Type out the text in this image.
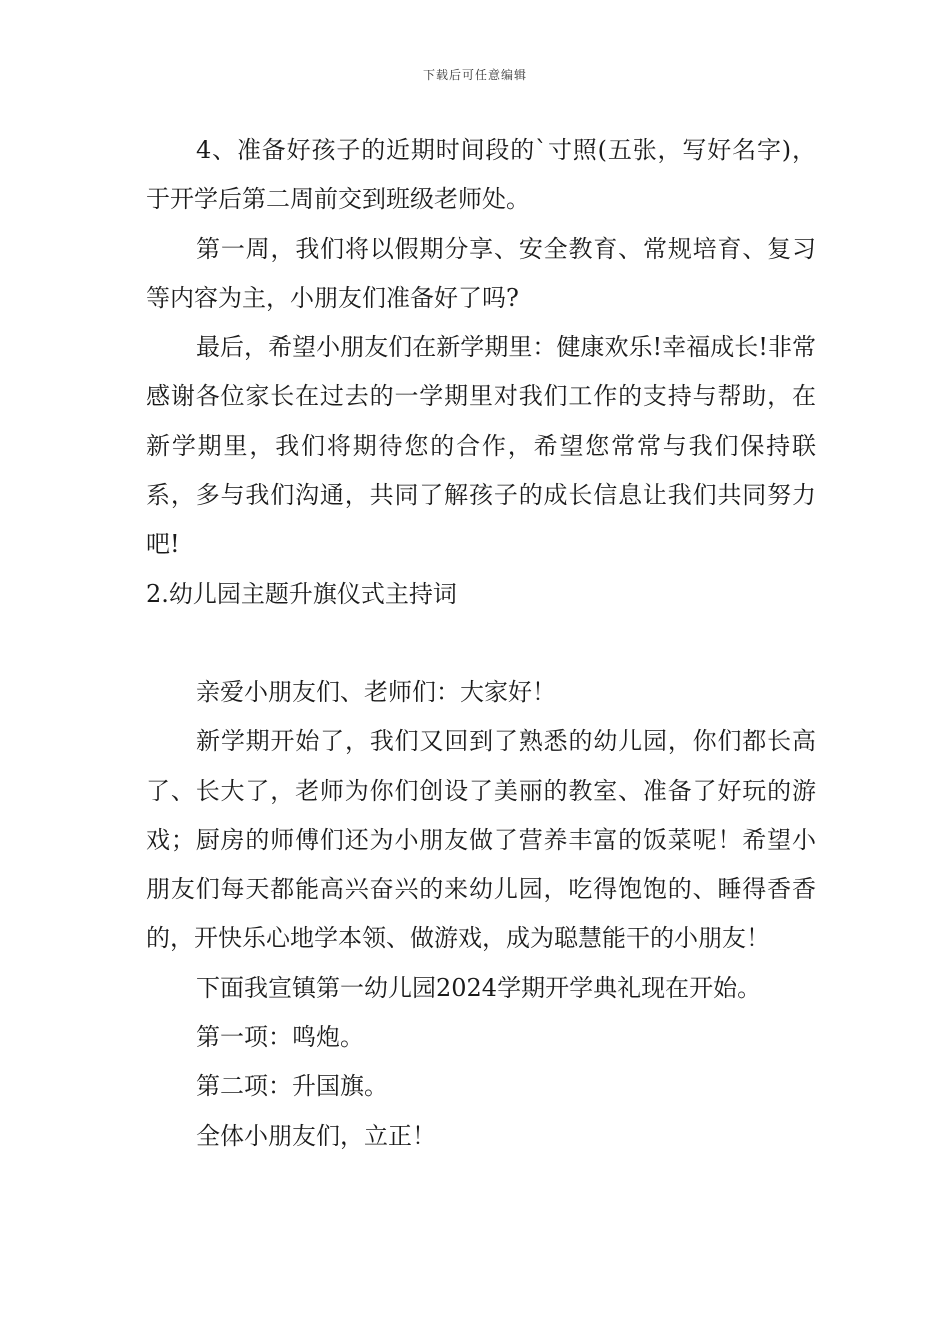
下载后可任意编辑

4、准备好孩子的近期时间段的`寸照(五张，写好名字)，于开学后第二周前交到班级老师处。

第一周，我们将以假期分享、安全教育、常规培育、复习等内容为主，小朋友们准备好了吗?

最后，希望小朋友们在新学期里：健康欢乐!幸福成长!非常感谢各位家长在过去的一学期里对我们工作的支持与帮助，在新学期里，我们将期待您的合作，希望您常常与我们保持联系，多与我们沟通，共同了解孩子的成长信息让我们共同努力吧!

2.幼儿园主题升旗仪式主持词

亲爱小朋友们、老师们：大家好！

新学期开始了，我们又回到了熟悉的幼儿园，你们都长高了、长大了，老师为你们创设了美丽的教室、准备了好玩的游戏；厨房的师傅们还为小朋友做了营养丰富的饭菜呢！希望小朋友们每天都能高兴奋兴的来幼儿园，吃得饱饱的、睡得香香的，开快乐心地学本领、做游戏，成为聪慧能干的小朋友！

下面我宣镇第一幼儿园2024学期开学典礼现在开始。

第一项：鸣炮。

第二项：升国旗。

全体小朋友们，立正！
